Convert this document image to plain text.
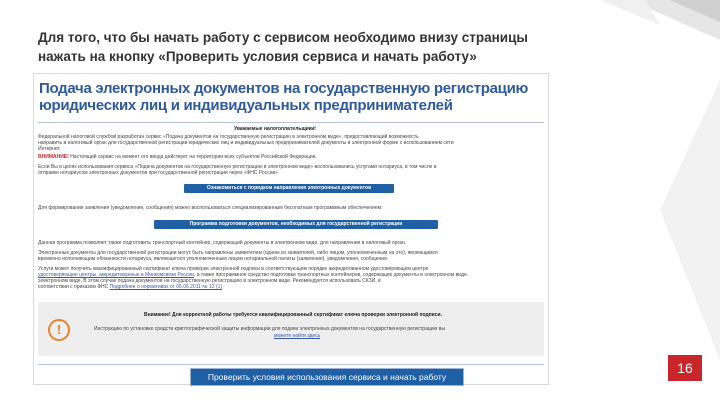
Для того, что бы начать работу с сервисом необходимо внизу страницы
нажать на кнопку «Проверить условия сервиса и начать работу»
Подача электронных документов на государственную регистрацию
юридических лиц и индивидуальных предпринимателей
Уважаемые налогоплательщики!
Федеральной налоговой службой разработан сервис «Подача документов на государственную регистрацию в электронном виде», предоставляющий возможность
направить в налоговый орган для государственной регистрации юридических лиц и индивидуальных предпринимателей документы в электронной форме с использованием сети
Интернет.
ВНИМАНИЕ! Настоящий сервис на момент его ввода действует на территории всех субъектов Российской Федерации.
Если Вы в целях использования сервиса «Подача документов на государственную регистрацию в электронном виде» воспользовались услугами нотариуса, в том числе в
отправке нотариусом электронных документов при государственной регистрации через «ФНС России»
Ознакомиться с порядком направления электронных документов
Для формирования заявления (уведомления, сообщения) можно воспользоваться специализированным бесплатным программным обеспечением:
Программа подготовки документов, необходимых для государственной регистрации
Данная программа позволяет также подготовить транспортный контейнер, содержащий документы в электронном виде, для направления в налоговый орган.
Электронные документы для государственной регистрации могут быть направлены заявителем (одним из заявителей, либо лицом, уполномоченным на это), являющимся
временно исполняющим обязанности нотариуса, являющегося уполномоченным лицом нотариальной палаты (заявления), уведомления, сообщения.
Услуги может получить квалифицированный сертификат ключа проверки электронной подписи в соответствующем порядке аккредитованном удостоверяющем центре
удостоверяющие центры, аккредитованные в Минкомсвязи России, а также программное средство подготовки транспортных контейнеров, содержащих документы в электронном виде.
электронном виде. В этом случае подача документов на государственную регистрацию в электронном виде. Рекомендуется использовать СКЗИ, в
соответствии с приказом ФНС Подробнее о нормативах от 06.06.2011 № 12 (1)
!
Внимание! Для корректной работы требуется квалифицированный сертификат ключа проверки электронной подписи.
Инструкцию по установке средств криптографической защиты информации для подачи электронных документов на государственную регистрацию вы
можете найти здесь
Проверить условия использования сервиса и начать работу
16
